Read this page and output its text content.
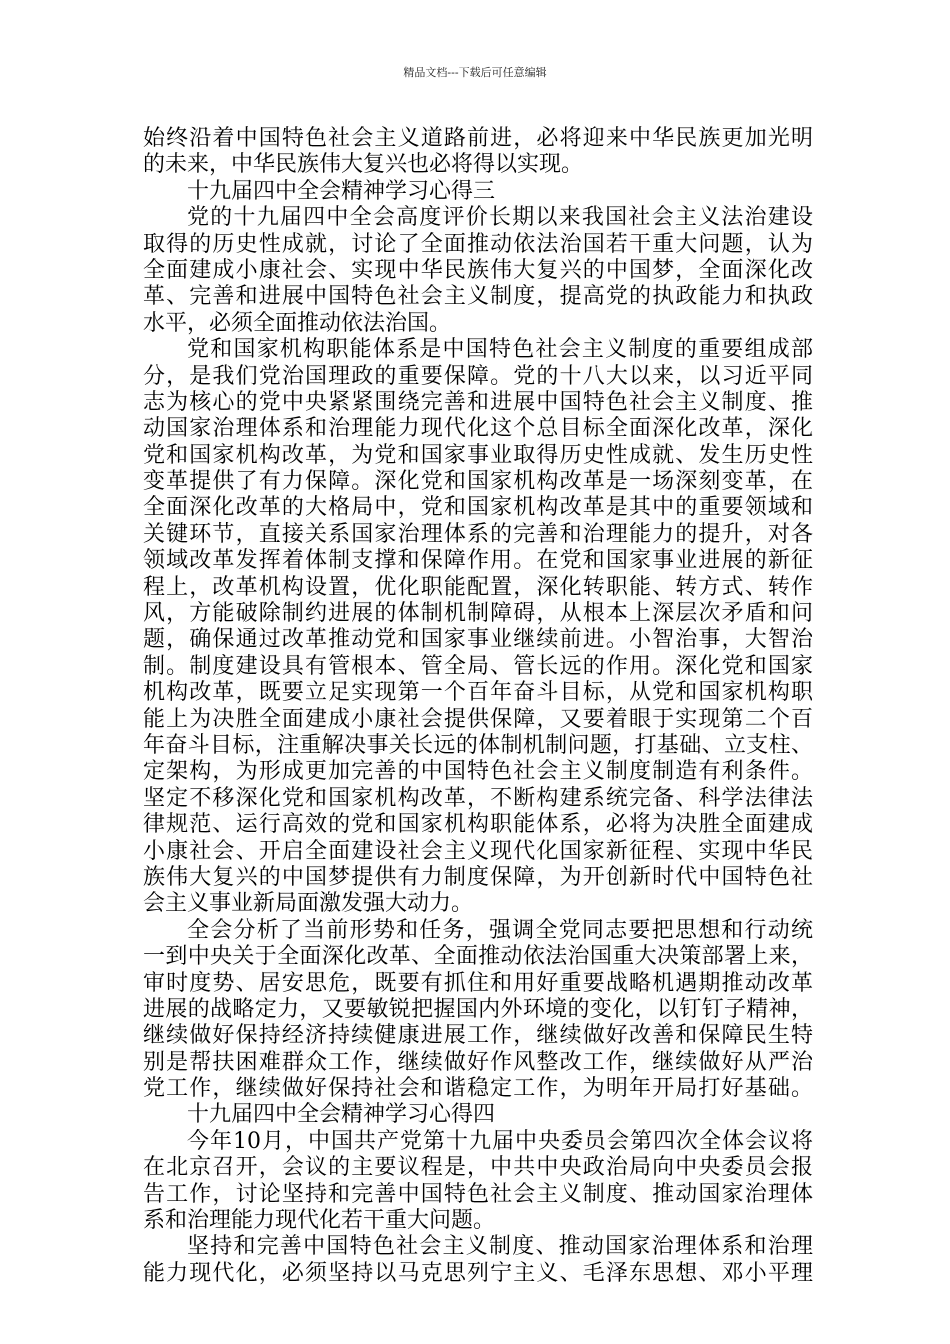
精品文档---下载后可任意编辑
始终沿着中国特色社会主义道路前进，必将迎来中华民族更加光明
的未来，中华民族伟大复兴也必将得以实现。
十九届四中全会精神学习心得三
党的十九届四中全会高度评价长期以来我国社会主义法治建设
取得的历史性成就，讨论了全面推动依法治国若干重大问题，认为
全面建成小康社会、实现中华民族伟大复兴的中国梦，全面深化改
革、完善和进展中国特色社会主义制度，提高党的执政能力和执政
水平，必须全面推动依法治国。
党和国家机构职能体系是中国特色社会主义制度的重要组成部
分，是我们党治国理政的重要保障。党的十八大以来，以习近平同
志为核心的党中央紧紧围绕完善和进展中国特色社会主义制度、推
动国家治理体系和治理能力现代化这个总目标全面深化改革，深化
党和国家机构改革，为党和国家事业取得历史性成就、发生历史性
变革提供了有力保障。深化党和国家机构改革是一场深刻变革，在
全面深化改革的大格局中，党和国家机构改革是其中的重要领域和
关键环节，直接关系国家治理体系的完善和治理能力的提升，对各
领域改革发挥着体制支撑和保障作用。在党和国家事业进展的新征
程上，改革机构设置，优化职能配置，深化转职能、转方式、转作
风，方能破除制约进展的体制机制障碍，从根本上深层次矛盾和问
题，确保通过改革推动党和国家事业继续前进。小智治事，大智治
制。制度建设具有管根本、管全局、管长远的作用。深化党和国家
机构改革，既要立足实现第一个百年奋斗目标，从党和国家机构职
能上为决胜全面建成小康社会提供保障，又要着眼于实现第二个百
年奋斗目标，注重解决事关长远的体制机制问题，打基础、立支柱、
定架构，为形成更加完善的中国特色社会主义制度制造有利条件。
坚定不移深化党和国家机构改革，不断构建系统完备、科学法律法
律规范、运行高效的党和国家机构职能体系，必将为决胜全面建成
小康社会、开启全面建设社会主义现代化国家新征程、实现中华民
族伟大复兴的中国梦提供有力制度保障，为开创新时代中国特色社
会主义事业新局面激发强大动力。
全会分析了当前形势和任务，强调全党同志要把思想和行动统
一到中央关于全面深化改革、全面推动依法治国重大决策部署上来，
审时度势、居安思危，既要有抓住和用好重要战略机遇期推动改革
进展的战略定力，又要敏锐把握国内外环境的变化，以钉钉子精神，
继续做好保持经济持续健康进展工作，继续做好改善和保障民生特
别是帮扶困难群众工作，继续做好作风整改工作，继续做好从严治
党工作，继续做好保持社会和谐稳定工作，为明年开局打好基础。
十九届四中全会精神学习心得四
今年10月，中国共产党第十九届中央委员会第四次全体会议将
在北京召开，会议的主要议程是，中共中央政治局向中央委员会报
告工作，讨论坚持和完善中国特色社会主义制度、推动国家治理体
系和治理能力现代化若干重大问题。
坚持和完善中国特色社会主义制度、推动国家治理体系和治理
能力现代化，必须坚持以马克思列宁主义、毛泽东思想、邓小平理
